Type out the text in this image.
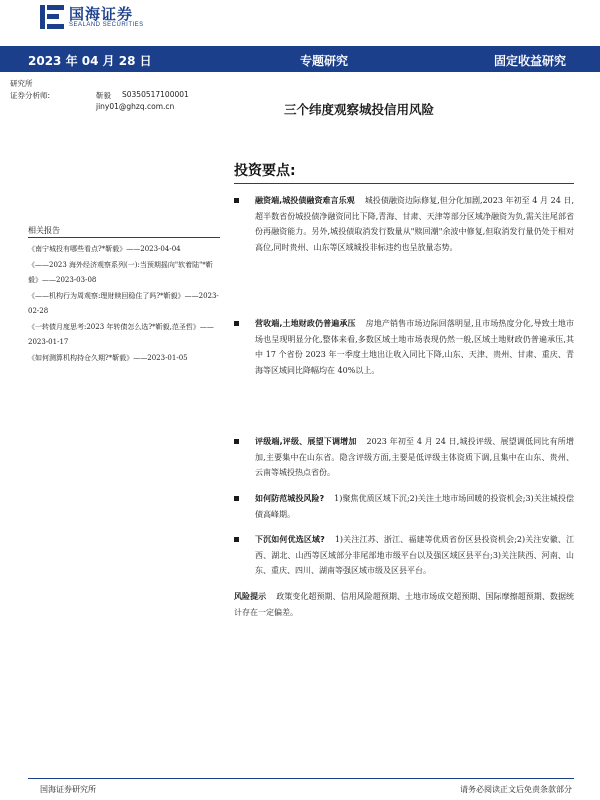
国海证券
SEALAND SECURITIES
2023 年 04 月 28 日	专题研究	固定收益研究
研究所
证券分析师:	靳毅 S0350517100001
jiny01@ghzq.com.cn	三个纬度观察城投信用风险
相关报告
《南宁城投有哪些看点?*靳毅》——2023-04-04
《——2023 海外经济观察系列(一):当预期摇向"软着陆"*靳毅》——2023-03-08
《——机构行为周观察:理财赎回稳住了吗?*靳毅》——2023-02-28
《一转债月度思考:2023 年转债怎么选?*靳毅,范圣哲》——2023-01-17
《如何测算机构持仓久期?*靳毅》——2023-01-05
投资要点:
融资端,城投债融资难言乐观 城投债融资边际修复,但分化加剧,2023 年初至 4 月 24 日,超半数省份城投债净融资同比下降,青海、甘肃、天津等部分区域净融资为负,需关注尾部省份再融资能力。另外,城投债取消发行数量从"赎回潮"余波中修复,但取消发行量仍处于相对高位,同时贵州、山东等区域城投非标违约也呈放量态势。
营收端,土地财政仍普遍承压 房地产销售市场边际回落明显,且市场热度分化,导致土地市场也呈现明显分化,整体来看,多数区域土地市场表现仍然一般,区域土地财政仍普遍承压,其中 17 个省份 2023 年一季度土地出让收入同比下降,山东、天津、贵州、甘肃、重庆、青海等区域同比降幅均在 40%以上。
评级端,评级、展望下调增加 2023 年初至 4 月 24 日,城投评级、展望调低同比有所增加,主要集中在山东省。隐含评级方面,主要是低评级主体资质下调,且集中在山东、贵州、云南等城投热点省份。
如何防范城投风险? 1)聚焦优质区域下沉;2)关注土地市场回暖的投资机会;3)关注城投偿债高峰期。
下沉如何优选区域? 1)关注江苏、浙江、福建等优质省份区县投资机会;2)关注安徽、江西、湖北、山西等区域部分非尾部地市级平台以及强区域区县平台;3)关注陕西、河南、山东、重庆、四川、湖南等强区域市级及区县平台。
风险提示 政策变化超预期、信用风险超预期、土地市场成交超预期、国际摩擦超预期、数据统计存在一定偏差。
国海证券研究所	请务必阅读正文后免责条款部分
